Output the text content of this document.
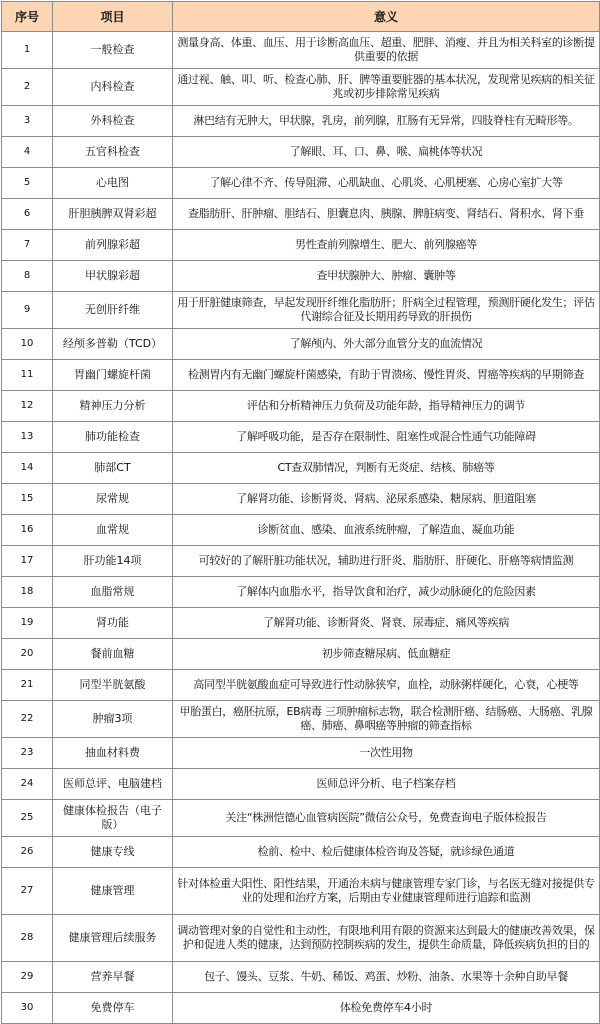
序号	项目	意义
1	一般检查	测量身高、体重、血压、用于诊断高血压、超重、肥胖、消瘦、并且为相关科室的诊断提供重要的依据
2	内科检查	通过视、触、叩、听、检查心肺、肝、脾等重要脏器的基本状况，发现常见疾病的相关征兆或初步排除常见疾病
3	外科检查	淋巴结有无肿大，甲状腺，乳房，前列腺，肛肠有无异常，四肢脊柱有无畸形等。
4	五官科检查	了解眼、耳、口、鼻、喉、扁桃体等状况
5	心电图	了解心律不齐、传导阻滞、心肌缺血、心肌炎、心肌梗塞、心房心室扩大等
6	肝胆胰脾双肾彩超	查脂肪肝、肝肿瘤、胆结石、胆囊息肉、胰腺、脾脏病变、肾结石、肾积水、肾下垂
7	前列腺彩超	男性查前列腺增生、肥大、前列腺癌等
8	甲状腺彩超	查甲状腺肿大、肿瘤、囊肿等
9	无创肝纤维	用于肝脏健康筛查，早起发现肝纤维化脂肪肝；肝病全过程管理，预测肝硬化发生；评估代谢综合征及长期用药导致的肝损伤
10	经颅多普勒（TCD）	了解颅内、外大部分血管分支的血流情况
11	胃幽门螺旋杆菌	检测胃内有无幽门螺旋杆菌感染，有助于胃溃疡、慢性胃炎、胃癌等疾病的早期筛查
12	精神压力分析	评估和分析精神压力负荷及功能年龄，指导精神压力的调节
13	肺功能检查	了解呼吸功能，是否存在限制性、阻塞性或混合性通气功能障碍
14	肺部CT	CT查双肺情况，判断有无炎症、结核、肺癌等
15	尿常规	了解肾功能、诊断肾炎、肾病、泌尿系感染、糖尿病、胆道阻塞
16	血常规	诊断贫血、感染、血液系统肿瘤，了解造血、凝血功能
17	肝功能14项	可较好的了解肝脏功能状况，辅助进行肝炎、脂肪肝、肝硬化、肝癌等病情监测
18	血脂常规	了解体内血脂水平，指导饮食和治疗，减少动脉硬化的危险因素
19	肾功能	了解肾功能、诊断肾炎、肾衰、尿毒症、痛风等疾病
20	餐前血糖	初步筛查糖尿病、低血糖症
21	同型半胱氨酸	高同型半胱氨酸血症可导致进行性动脉狭窄，血栓，动脉粥样硬化，心衰，心梗等
22	肿瘤3项	甲胎蛋白，癌胚抗原，EB病毒 三项肿瘤标志物，联合检测肝癌、结肠癌、大肠癌、乳腺癌、肺癌、鼻咽癌等肿瘤的筛查指标
23	抽血材料费	一次性用物
24	医师总评、电脑建档	医师总评分析、电子档案存档
25	健康体检报告（电子版）	关注“株洲恺德心血管病医院”微信公众号，免费查询电子版体检报告
26	健康专线	检前、检中、检后健康体检咨询及答疑，就诊绿色通道
27	健康管理	针对体检重大阳性、阳性结果，开通治未病与健康管理专家门诊，与名医无缝对接提供专业的处理和治疗方案，后期由专业健康管理师进行追踪和监测
28	健康管理后续服务	调动管理对象的自觉性和主动性，有限地利用有限的资源来达到最大的健康改善效果，保护和促进人类的健康，达到预防控制疾病的发生，提供生命质量，降低疾病负担的目的
29	营养早餐	包子、馒头、豆浆、牛奶、稀饭、鸡蛋、炒粉、油条、水果等十余种自助早餐
30	免费停车	体检免费停车4小时
